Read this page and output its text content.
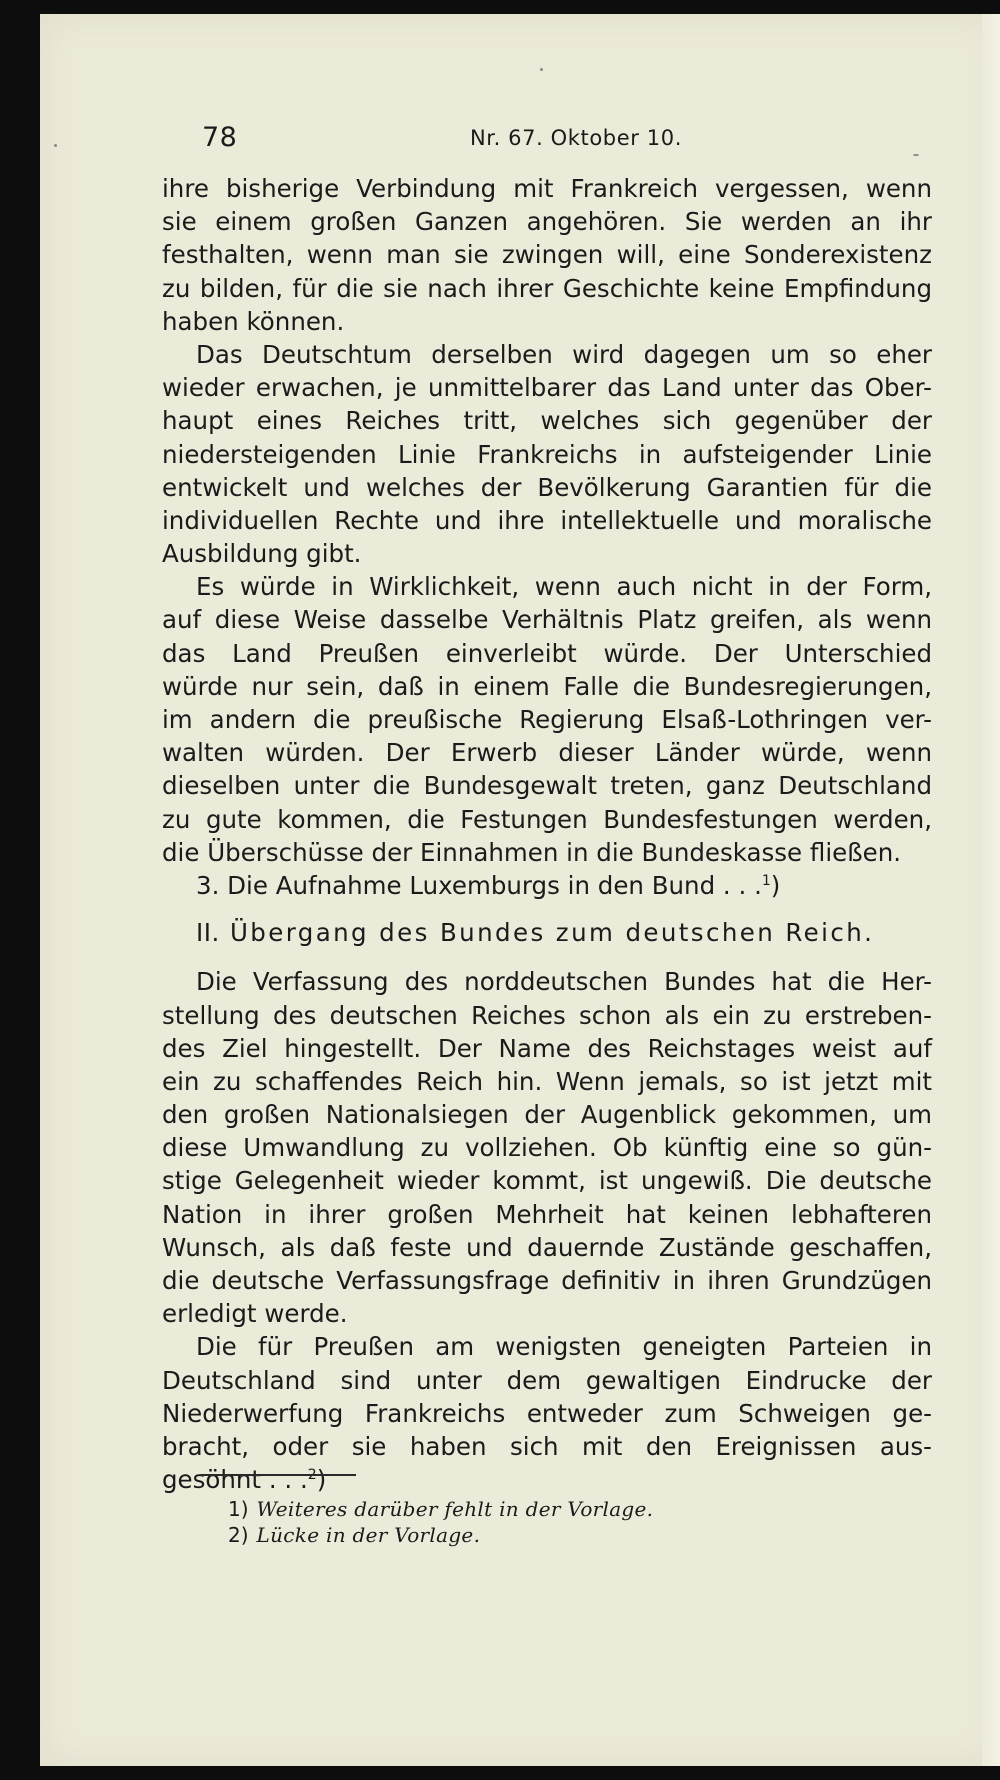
78	Nr. 67. Oktober 10.
ihre bisherige Verbindung mit Frankreich vergessen, wenn
sie einem großen Ganzen angehören. Sie werden an ihr
festhalten, wenn man sie zwingen will, eine Sonderexistenz
zu bilden, für die sie nach ihrer Geschichte keine Empfindung
haben können.
Das Deutschtum derselben wird dagegen um so eher
wieder erwachen, je unmittelbarer das Land unter das Ober-
haupt eines Reiches tritt, welches sich gegenüber der
niedersteigenden Linie Frankreichs in aufsteigender Linie
entwickelt und welches der Bevölkerung Garantien für die
individuellen Rechte und ihre intellektuelle und moralische
Ausbildung gibt.
Es würde in Wirklichkeit, wenn auch nicht in der Form,
auf diese Weise dasselbe Verhältnis Platz greifen, als wenn
das Land Preußen einverleibt würde. Der Unterschied
würde nur sein, daß in einem Falle die Bundesregierungen,
im andern die preußische Regierung Elsaß-Lothringen ver-
walten würden. Der Erwerb dieser Länder würde, wenn
dieselben unter die Bundesgewalt treten, ganz Deutschland
zu gute kommen, die Festungen Bundesfestungen werden,
die Überschüsse der Einnahmen in die Bundeskasse fließen.
3. Die Aufnahme Luxemburgs in den Bund . . .$^1$)
II. Übergang des Bundes zum deutschen Reich.
Die Verfassung des norddeutschen Bundes hat die Her-
stellung des deutschen Reiches schon als ein zu erstreben-
des Ziel hingestellt. Der Name des Reichstages weist auf
ein zu schaffendes Reich hin. Wenn jemals, so ist jetzt mit
den großen Nationalsiegen der Augenblick gekommen, um
diese Umwandlung zu vollziehen. Ob künftig eine so gün-
stige Gelegenheit wieder kommt, ist ungewiß. Die deutsche
Nation in ihrer großen Mehrheit hat keinen lebhafteren
Wunsch, als daß feste und dauernde Zustände geschaffen,
die deutsche Verfassungsfrage definitiv in ihren Grundzügen
erledigt werde.
Die für Preußen am wenigsten geneigten Parteien in
Deutschland sind unter dem gewaltigen Eindrucke der
Niederwerfung Frankreichs entweder zum Schweigen ge-
bracht, oder sie haben sich mit den Ereignissen aus-
gesöhnt . . .$^2$)
1) Weiteres darüber fehlt in der Vorlage.
2) Lücke in der Vorlage.
